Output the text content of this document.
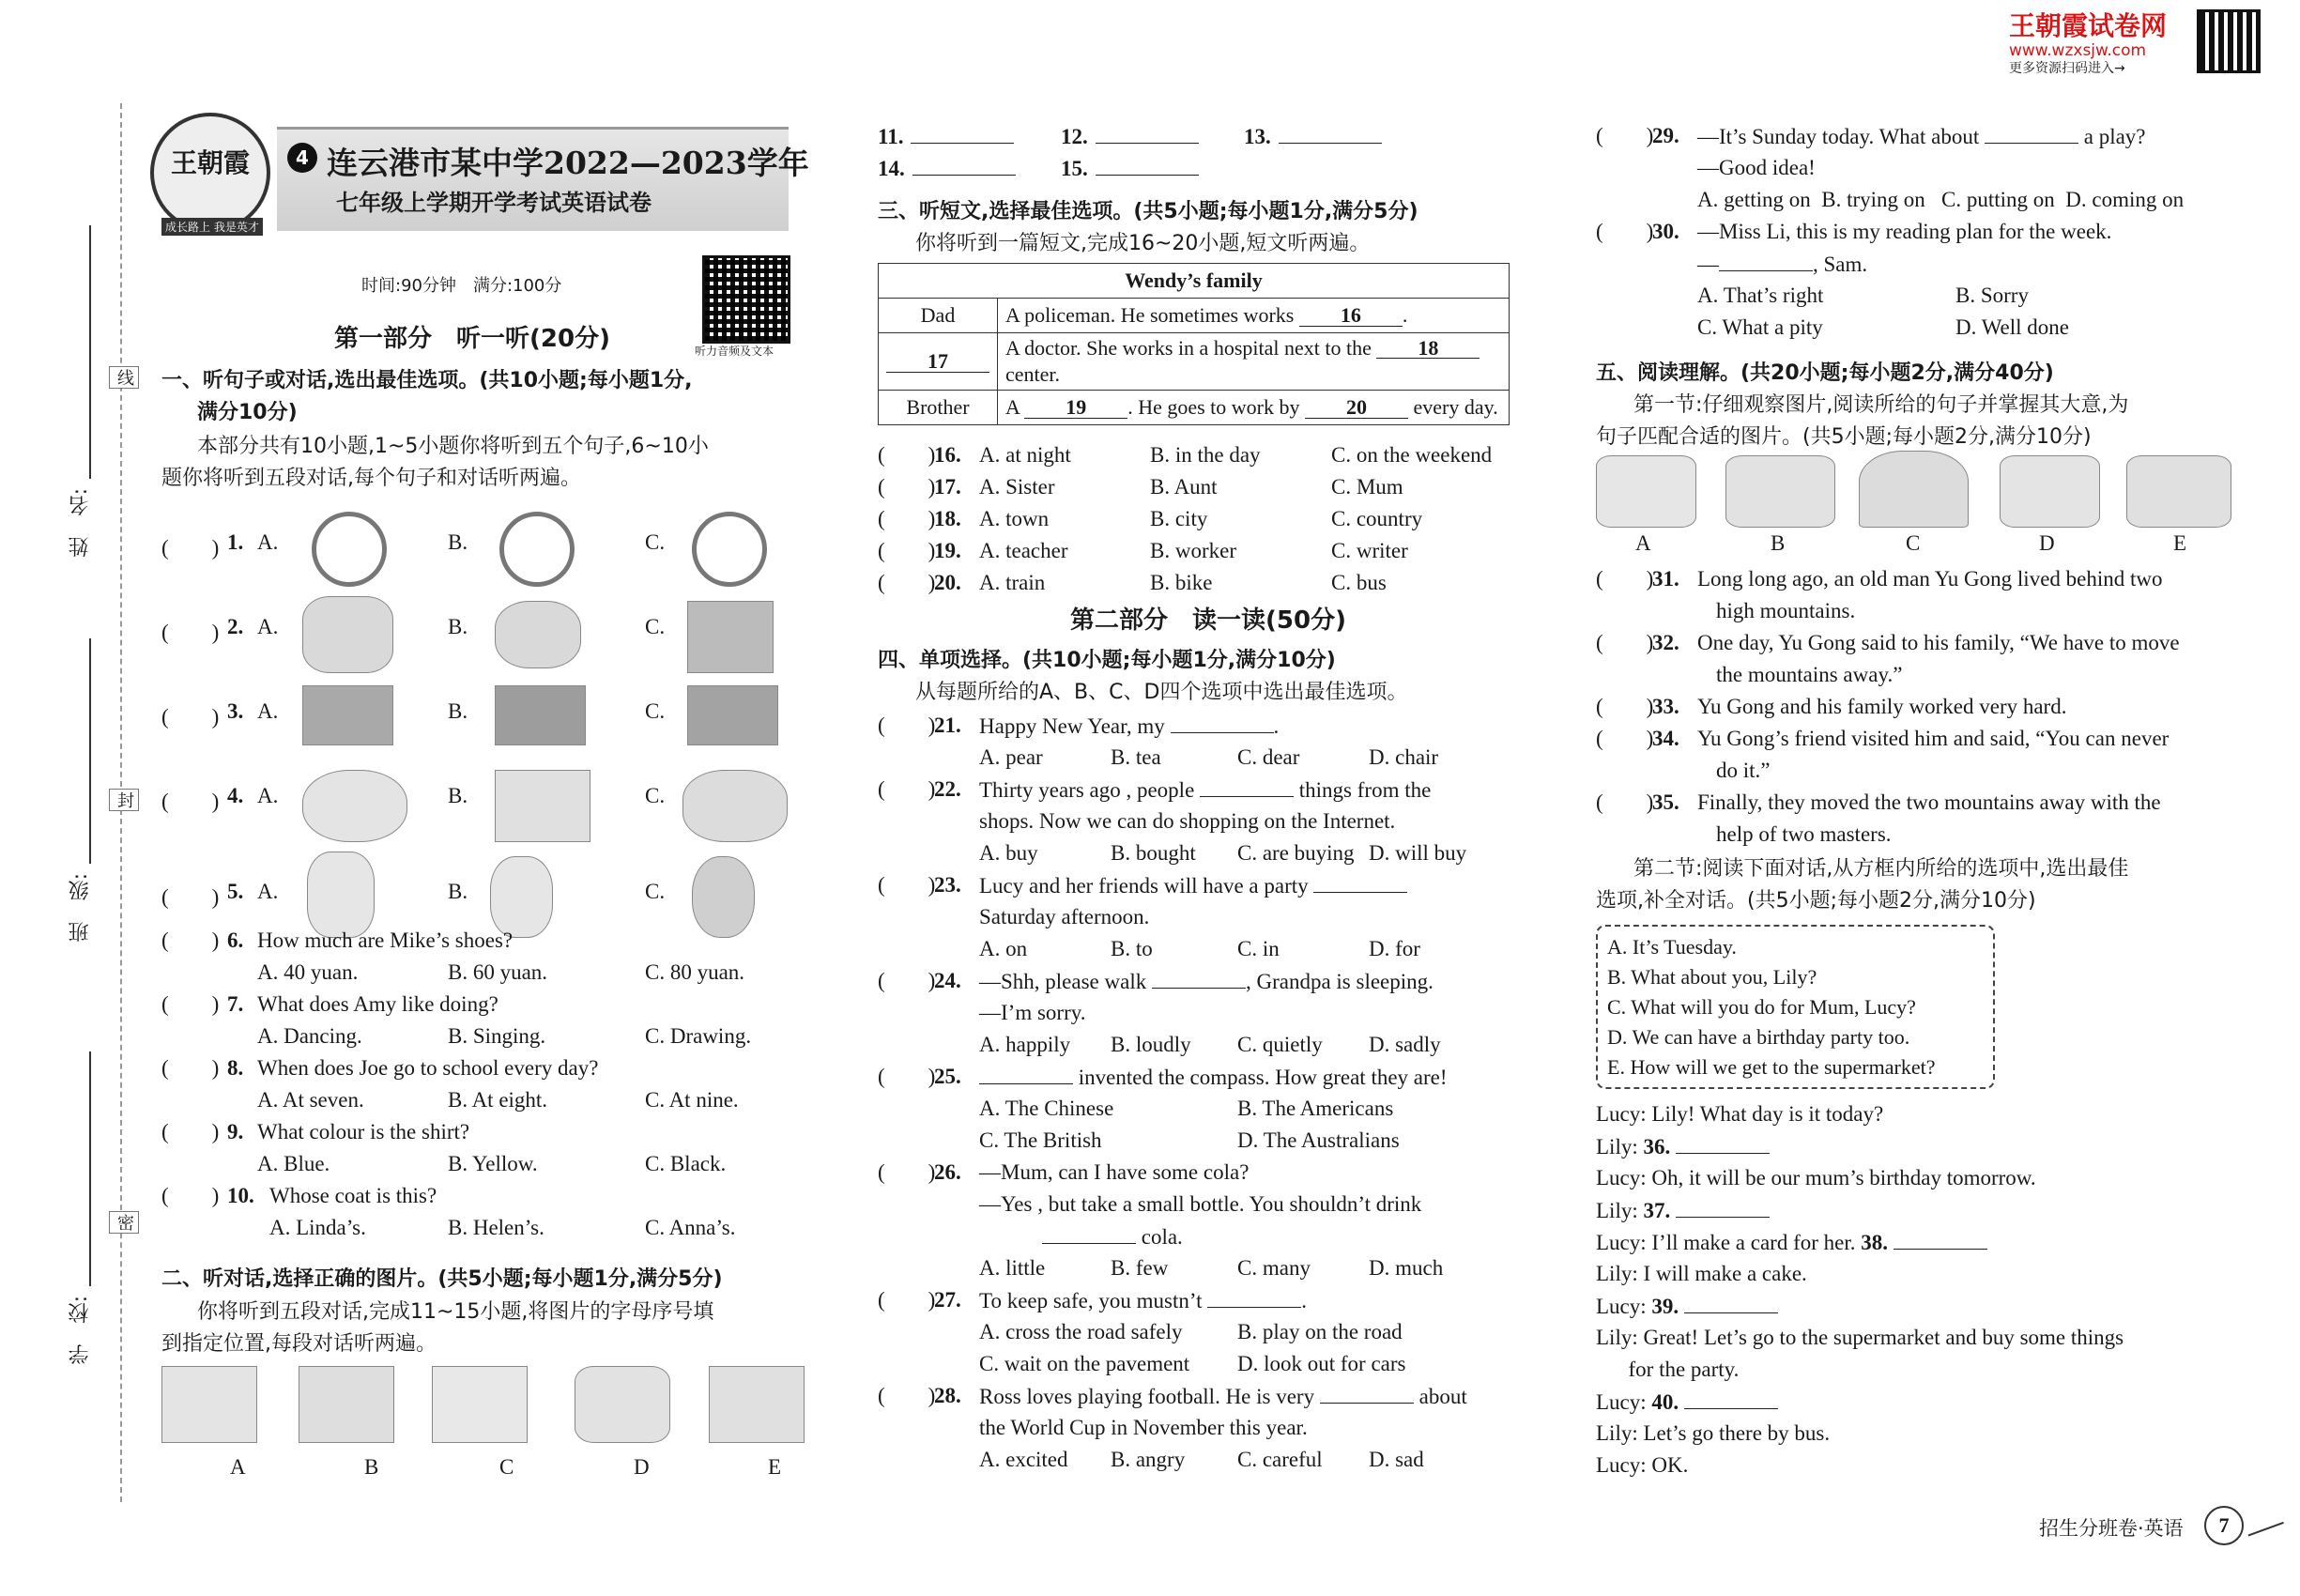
王朝霞试卷网
www.wzxsjw.com
更多资源扫码进入→
姓　名:
班　级:
学　校:
线
封
密
王朝霞
成长路上 我是英才
4 连云港市某中学2022—2023学年
七年级上学期开学考试英语试卷
时间:90分钟　满分:100分
听力音频及文本
第一部分　听一听(20分)
一、听句子或对话,选出最佳选项。(共10小题;每小题1分,
满分10分)
本部分共有10小题,1~5小题你将听到五个句子,6~10小
题你将听到五段对话,每个句子和对话听两遍。
(　　) 1. A.	B.	C.
(　　) 2. A.	B.	C.
(　　) 3. A.	B.	C.
(　　) 4. A.	B.	C.
(　　) 5. A.	B.	C.
(　　) 6. How much are Mike’s shoes?
A. 40 yuan.	B. 60 yuan.	C. 80 yuan.
(　　) 7. What does Amy like doing?
A. Dancing.	B. Singing.	C. Drawing.
(　　) 8. When does Joe go to school every day?
A. At seven.	B. At eight.	C. At nine.
(　　) 9. What colour is the shirt?
A. Blue.	B. Yellow.	C. Black.
(　　) 10. Whose coat is this?
A. Linda’s.	B. Helen’s.	C. Anna’s.
二、听对话,选择正确的图片。(共5小题;每小题1分,满分5分)
你将听到五段对话,完成11~15小题,将图片的字母序号填
到指定位置,每段对话听两遍。
A	B	C	D	E
11.	12.	13.
14.	15.
三、听短文,选择最佳选项。(共5小题;每小题1分,满分5分)
你将听到一篇短文,完成16~20小题,短文听两遍。
Wendy’s family	
Dad	A policeman. He sometimes works 16 .
17	A doctor. She works in a hospital next to the 18
center.
Brother	A 19 . He goes to work by 20 every day.
(　　)
16. A. at night	B. in the day	C. on the weekend
(　　)
17. A. Sister	B. Aunt	C. Mum
(　　)
18. A. town	B. city	C. country
(　　)
19. A. teacher	B. worker	C. writer
(　　)
20. A. train	B. bike	C. bus
第二部分　读一读(50分)
四、单项选择。(共10小题;每小题1分,满分10分)
从每题所给的A、B、C、D四个选项中选出最佳选项。
(　　)
21. Happy New Year, my	.
A. pear	B. tea	C. dear	D. chair
(　　)
22. Thirty years ago , people	things from the
shops. Now we can do shopping on the Internet.
A. buy	B. bought C. are buying D. will buy
(　　)
23. Lucy and her friends will have a party
Saturday afternoon.
A. on	B. to	C. in	D. for
(　　)
24. —Shh, please walk	, Grandpa is sleeping.
—I’m sorry.
A. happily B. loudly C. quietly D. sadly
(　　)
25.	invented the compass. How great they are!
A. The Chinese	B. The Americans
C. The British	D. The Australians
(　　)
26. —Mum, can I have some cola?
—Yes , but take a small bottle. You shouldn’t drink
cola.
A. little	B. few	C. many	D. much
(　　)
27. To keep safe, you mustn’t	.
A. cross the road safely	B. play on the road
C. wait on the pavement D. look out for cars
(　　)
28. Ross loves playing football. He is very	about
the World Cup in November this year.
A. excited B. angry C. careful D. sad
(　　)
29. —It’s Sunday today. What about	a play?
—Good idea!
A. getting on  B. trying on   C. putting on  D. coming on
(　　)
30. —Miss Li, this is my reading plan for the week.
—	, Sam.
A. That’s right	B. Sorry
C. What a pity	D. Well done
五、阅读理解。(共20小题;每小题2分,满分40分)
第一节:仔细观察图片,阅读所给的句子并掌握其大意,为
句子匹配合适的图片。(共5小题;每小题2分,满分10分)
A	B	C	D	E
(　　)
31. Long long ago, an old man Yu Gong lived behind two
high mountains.
(　　)
32. One day, Yu Gong said to his family, “We have to move
the mountains away.”
(　　)
33. Yu Gong and his family worked very hard.
(　　)
34. Yu Gong’s friend visited him and said, “You can never
do it.”
(　　)
35. Finally, they moved the two mountains away with the
help of two masters.
第二节:阅读下面对话,从方框内所给的选项中,选出最佳
选项,补全对话。(共5小题;每小题2分,满分10分)
A. It’s Tuesday.
B. What about you, Lily?
C. What will you do for Mum, Lucy?
D. We can have a birthday party too.
E. How will we get to the supermarket?
Lucy: Lily! What day is it today?
Lily: 36.
Lucy: Oh, it will be our mum’s birthday tomorrow.
Lily: 37.
Lucy: I’ll make a card for her. 38.
Lily: I will make a cake.
Lucy: 39.
Lily: Great! Let’s go to the supermarket and buy some things
for the party.
Lucy: 40.
Lily: Let’s go there by bus.
Lucy: OK.
招生分班卷·英语	7
